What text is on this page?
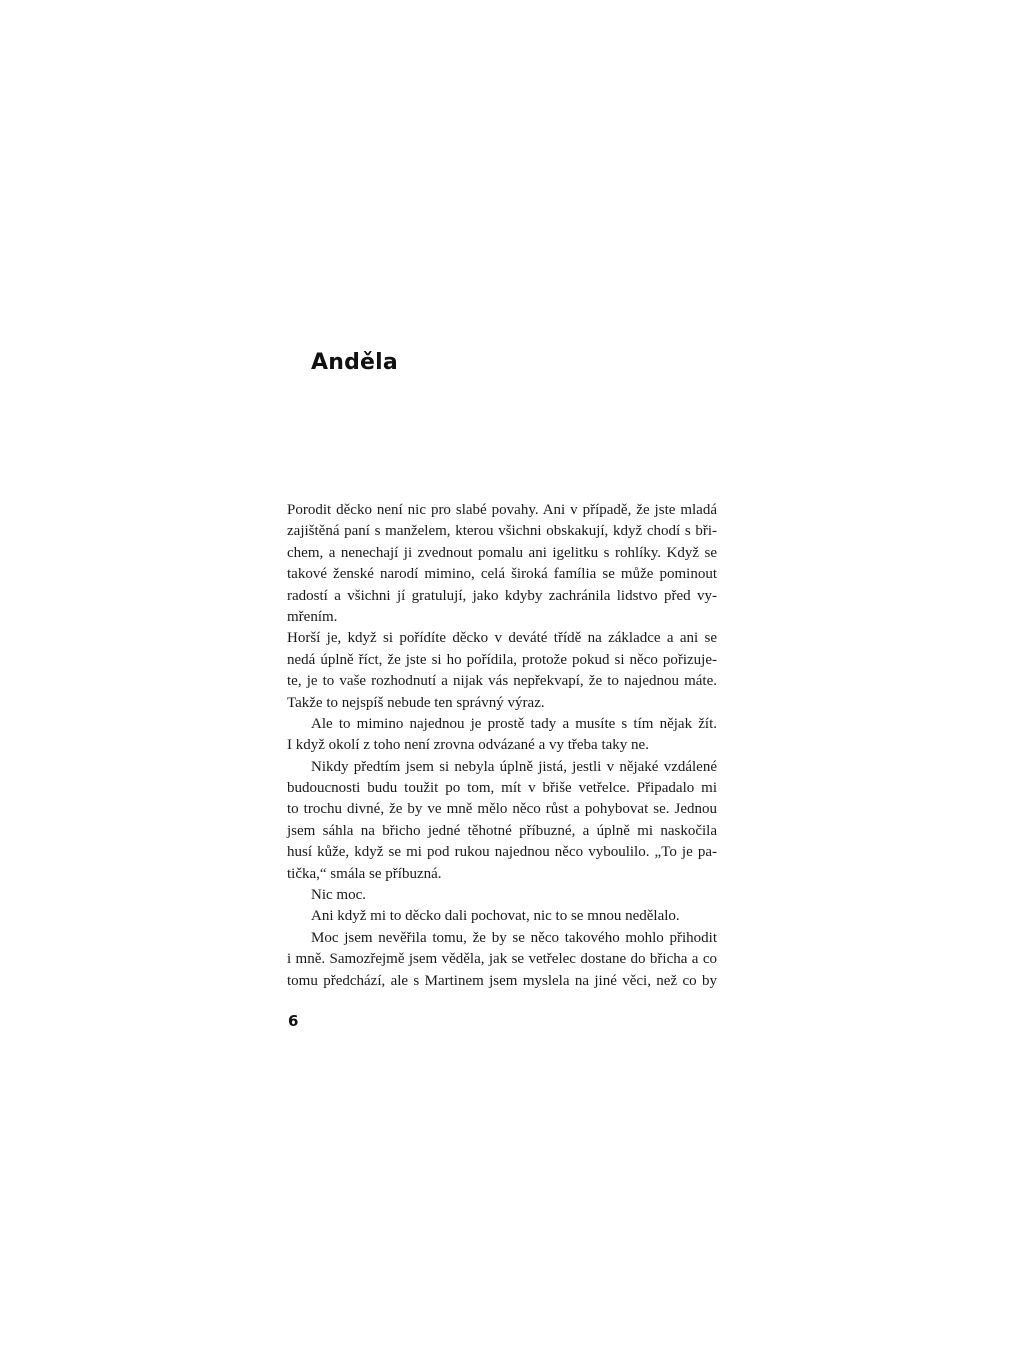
Anděla
Porodit děcko není nic pro slabé povahy. Ani v případě, že jste mladá
zajištěná paní s manželem, kterou všichni obskakují, když chodí s bři-
chem, a nenechají ji zvednout pomalu ani igelitku s rohlíky. Když se
takové ženské narodí mimino, celá široká família se může pominout
radostí a všichni jí gratulují, jako kdyby zachránila lidstvo před vy-
mřením.
Horší je, když si pořídíte děcko v deváté třídě na základce a ani se
nedá úplně říct, že jste si ho pořídila, protože pokud si něco pořizuje-
te, je to vaše rozhodnutí a nijak vás nepřekvapí, že to najednou máte.
Takže to nejspíš nebude ten správný výraz.
Ale to mimino najednou je prostě tady a musíte s tím nějak žít.
I když okolí z toho není zrovna odvázané a vy třeba taky ne.
Nikdy předtím jsem si nebyla úplně jistá, jestli v nějaké vzdálené
budoucnosti budu toužit po tom, mít v břiše vetřelce. Připadalo mi
to trochu divné, že by ve mně mělo něco růst a pohybovat se. Jednou
jsem sáhla na břicho jedné těhotné příbuzné, a úplně mi naskočila
husí kůže, když se mi pod rukou najednou něco vyboulilo. „To je pa-
tička,“ smála se příbuzná.
Nic moc.
Ani když mi to děcko dali pochovat, nic to se mnou nedělalo.
Moc jsem nevěřila tomu, že by se něco takového mohlo přihodit
i mně. Samozřejmě jsem věděla, jak se vetřelec dostane do břicha a co
tomu předchází, ale s Martinem jsem myslela na jiné věci, než co by

6
